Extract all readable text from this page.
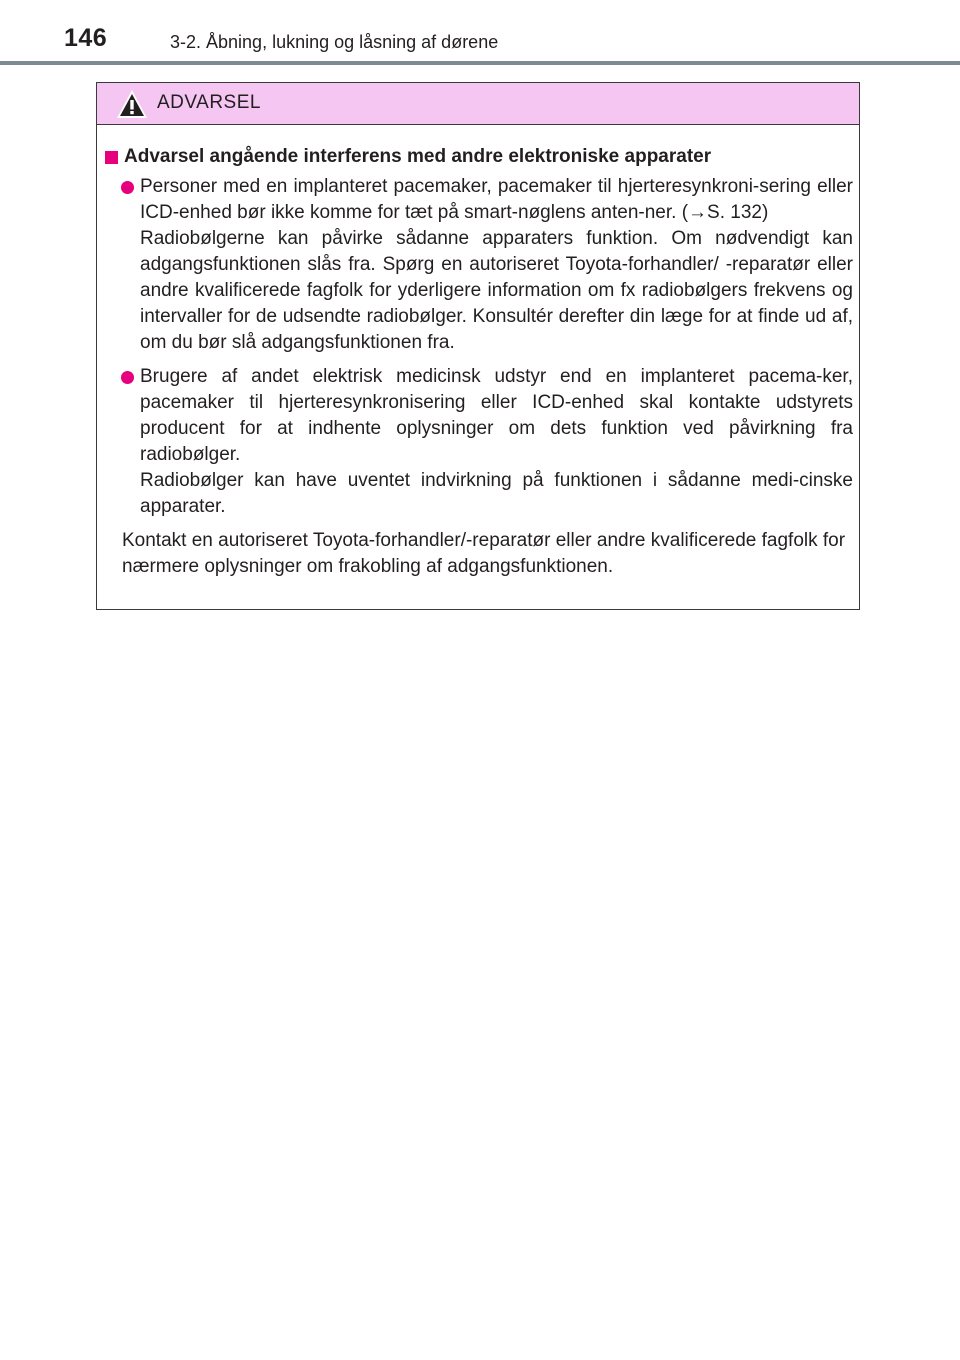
146	3-2. Åbning, lukning og låsning af dørene
ADVARSEL
Advarsel angående interferens med andre elektroniske apparater

Personer med en implanteret pacemaker, pacemaker til hjerteresynkroni-sering eller ICD-enhed bør ikke komme for tæt på smart-nøglens anten-ner. (→S. 132)

Radiobølgerne kan påvirke sådanne apparaters funktion. Om nødvendigt kan adgangsfunktionen slås fra. Spørg en autoriseret Toyota-forhandler/ -reparatør eller andre kvalificerede fagfolk for yderligere information om fx radiobølgers frekvens og intervaller for de udsendte radiobølger. Konsultér derefter din læge for at finde ud af, om du bør slå adgangsfunktionen fra.

Brugere af andet elektrisk medicinsk udstyr end en implanteret pacema-ker, pacemaker til hjerteresynkronisering eller ICD-enhed skal kontakte udstyrets producent for at indhente oplysninger om dets funktion ved påvirkning fra radiobølger.

Radiobølger kan have uventet indvirkning på funktionen i sådanne medi-cinske apparater.

Kontakt en autoriseret Toyota-forhandler/-reparatør eller andre kvalificerede fagfolk for nærmere oplysninger om frakobling af adgangsfunktionen.
